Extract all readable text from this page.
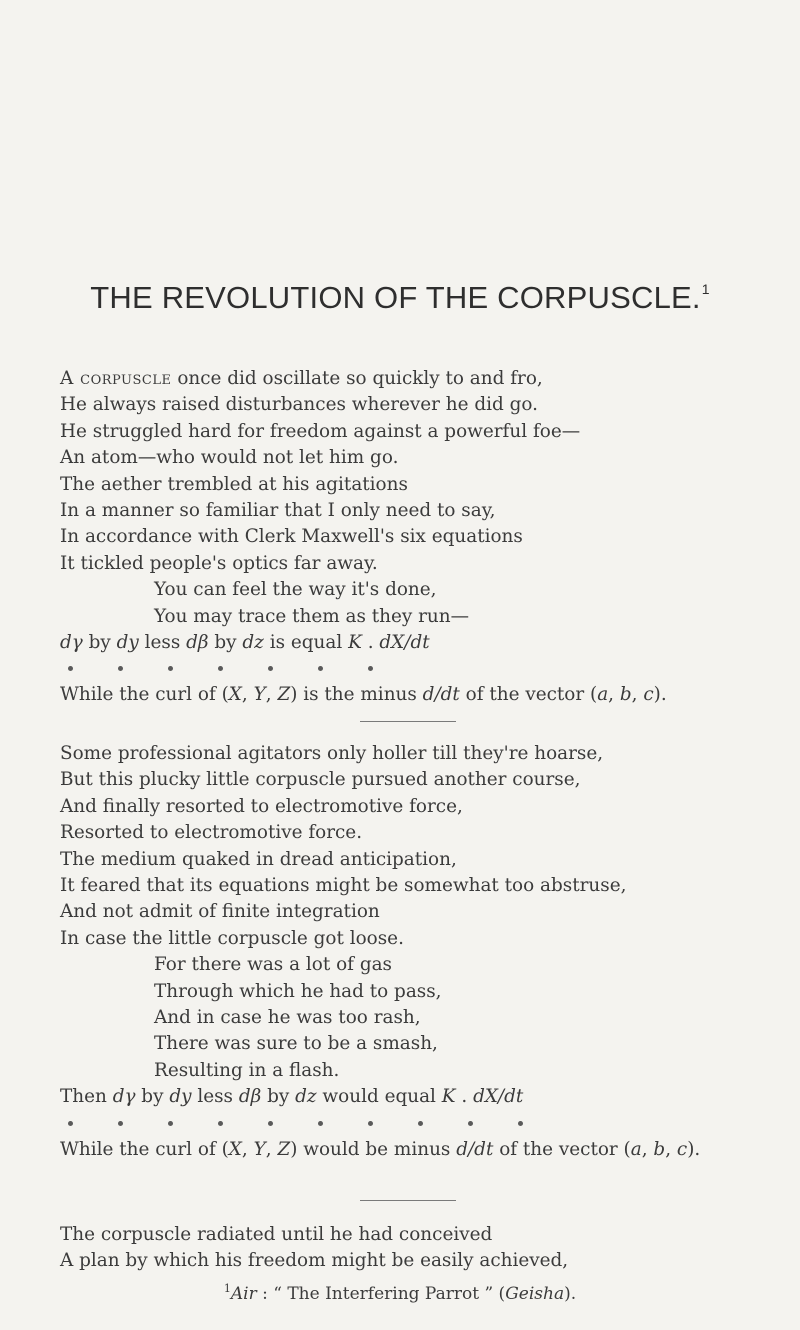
THE REVOLUTION OF THE CORPUSCLE.$^1$
A corpuscle once did oscillate so quickly to and fro,
He always raised disturbances wherever he did go.
He struggled hard for freedom against a powerful foe—
An atom—who would not let him go.
The aether trembled at his agitations
In a manner so familiar that I only need to say,
In accordance with Clerk Maxwell's six equations
It tickled people's optics far away.
You can feel the way it's done,
You may trace them as they run—
dγ by dy less dβ by dz is equal K . dX/dt
While the curl of (X, Y, Z) is the minus d/dt of the vector (a, b, c).
Some professional agitators only holler till they're hoarse,
But this plucky little corpuscle pursued another course,
And finally resorted to electromotive force,
Resorted to electromotive force.
The medium quaked in dread anticipation,
It feared that its equations might be somewhat too abstruse,
And not admit of finite integration
In case the little corpuscle got loose.
For there was a lot of gas
Through which he had to pass,
And in case he was too rash,
There was sure to be a smash,
Resulting in a flash.
Then dγ by dy less dβ by dz would equal K . dX/dt
While the curl of (X, Y, Z) would be minus d/dt of the vector (a, b, c).
The corpuscle radiated until he had conceived
A plan by which his freedom might be easily achieved,
$^1$Air : “ The Interfering Parrot ” (Geisha).
